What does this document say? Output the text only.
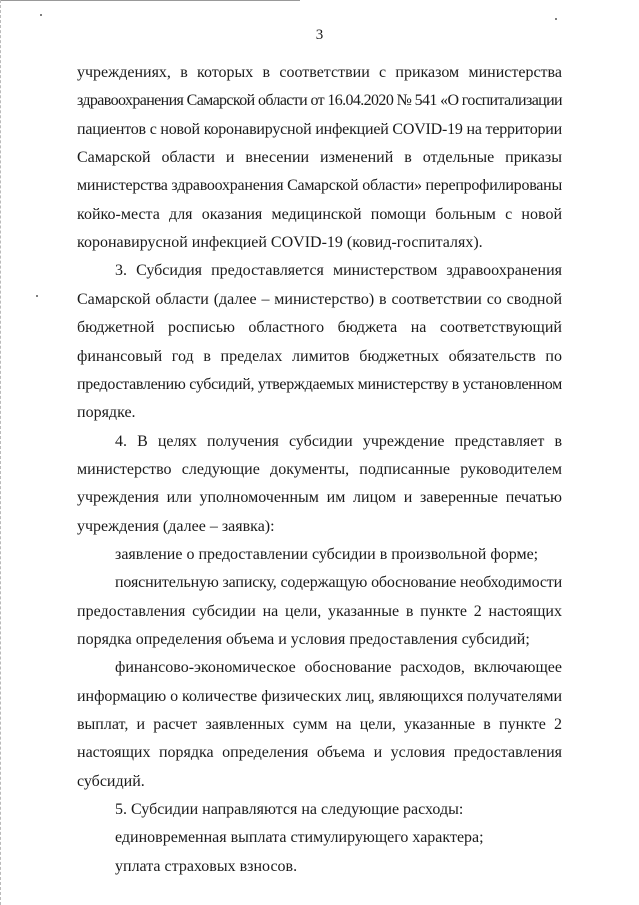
3
учреждениях, в которых в соответствии с приказом министерства
здравоохранения Самарской области от 16.04.2020 № 541 «О госпитализации
пациентов с новой коронавирусной инфекцией COVID-19 на территории
Самарской области и внесении изменений в отдельные приказы
министерства здравоохранения Самарской области» перепрофилированы
койко-места для оказания медицинской помощи больным с новой
коронавирусной инфекцией COVID-19 (ковид-госпиталях).
3. Субсидия предоставляется министерством здравоохранения
Самарской области (далее – министерство) в соответствии со сводной
бюджетной росписью областного бюджета на соответствующий
финансовый год в пределах лимитов бюджетных обязательств по
предоставлению субсидий, утверждаемых министерству в установленном
порядке.
4. В целях получения субсидии учреждение представляет в
министерство следующие документы, подписанные руководителем
учреждения или уполномоченным им лицом и заверенные печатью
учреждения (далее – заявка):
заявление о предоставлении субсидии в произвольной форме;
пояснительную записку, содержащую обоснование необходимости
предоставления субсидии на цели, указанные в пункте 2 настоящих
порядка определения объема и условия предоставления субсидий;
финансово-экономическое обоснование расходов, включающее
информацию о количестве физических лиц, являющихся получателями
выплат, и расчет заявленных сумм на цели, указанные в пункте 2
настоящих порядка определения объема и условия предоставления
субсидий.
5. Субсидии направляются на следующие расходы:
единовременная выплата стимулирующего характера;
уплата страховых взносов.
